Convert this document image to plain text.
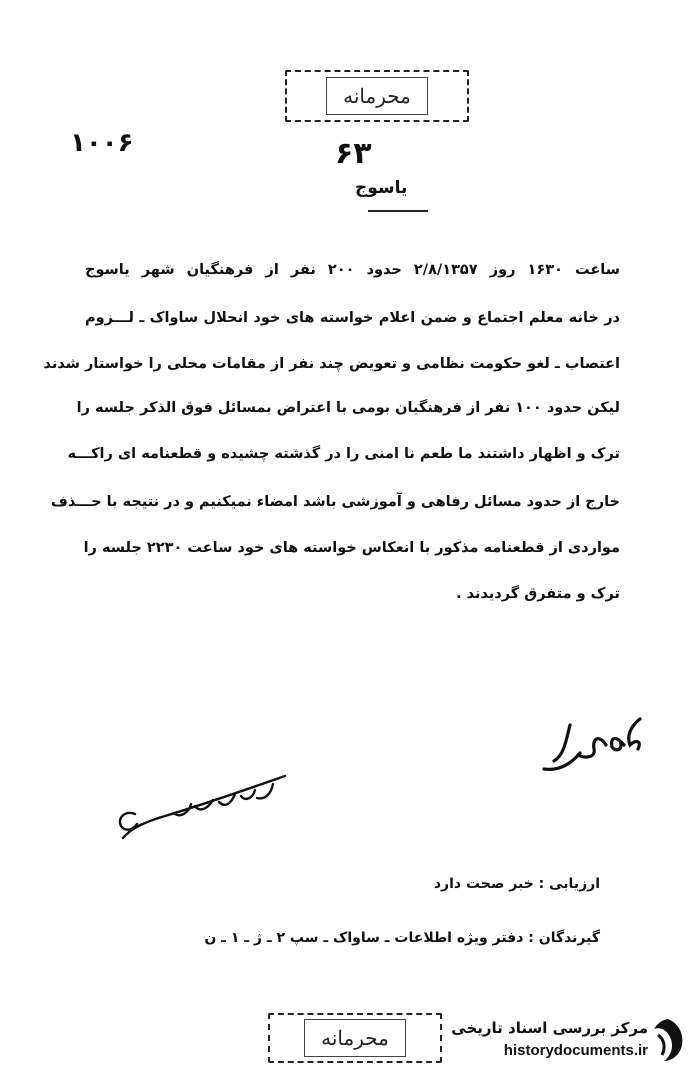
محرمانه
۱۰۰۶	۶۳
یاسوج
ساعت ۱۶۳۰ روز ۲/۸/۱۳۵۷ حدود ۲۰۰ نفر از فرهنگیان شهر یاسوج
در خانه معلم اجتماع و ضمن اعلام خواسته های خود انحلال ساواک ـ لـــزوم
اعتصاب ـ لغو حکومت نظامی و تعویض چند نفر از مقامات محلی را خواستار شدند
لیکن حدود ۱۰۰ نفر از فرهنگیان بومی با اعتراض بمسائل فوق الذکر جلسه را
ترک و اظهار داشتند ما طعم نا امنی را در گذشته چشیده و قطعنامه ای راکـــه
خارج از حدود مسائل رفاهی و آموزشی باشد امضاء نمیکنیم و در نتیجه با حـــذف
مواردی از قطعنامه مذکور با انعکاس خواسته های خود ساعت ۲۲۳۰ جلسه را
ترک و متفرق گردیدند .
ارزیابی : خبر صحت دارد
گیرندگان : دفتر ویژه اطلاعات ـ ساواک ـ سپ ۲ ـ ژ ـ ۱ ـ ن
محرمانه	مرکز بررسی اسناد تاریخی
historydocuments.ir
